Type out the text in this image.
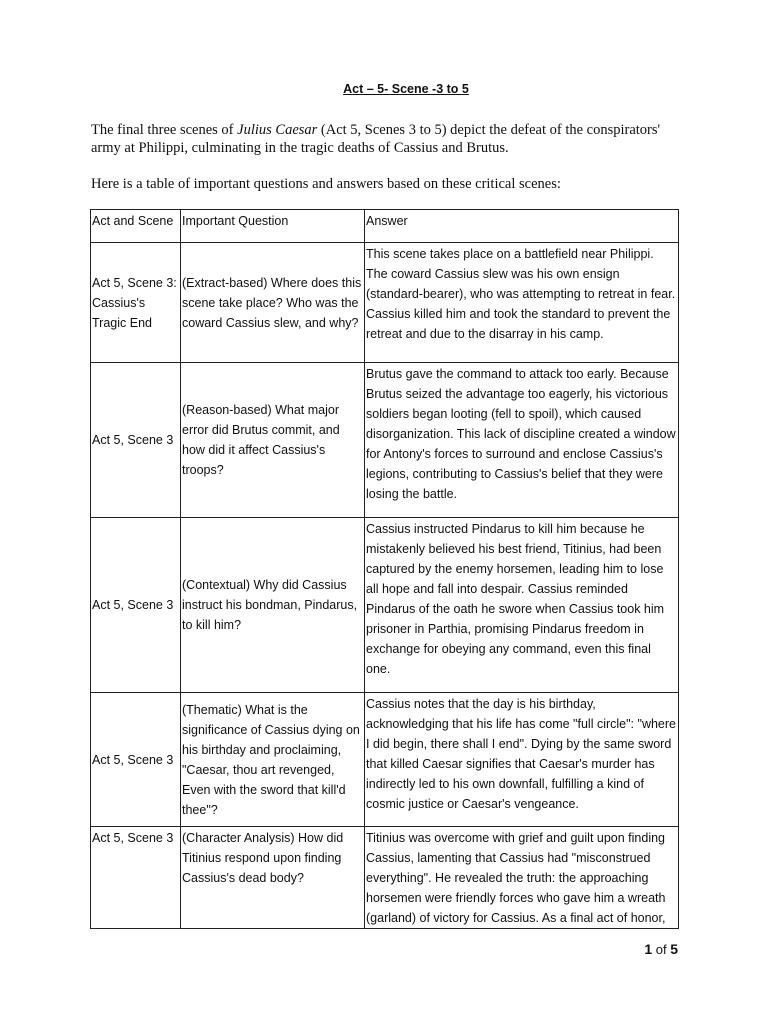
Act – 5- Scene -3 to 5

The final three scenes of Julius Caesar (Act 5, Scenes 3 to 5) depict the defeat of the conspirators' army at Philippi, culminating in the tragic deaths of Cassius and Brutus.

Here is a table of important questions and answers based on these critical scenes:

Act and Scene	Important Question	Answer
Act 5, Scene 3: Cassius's Tragic End	(Extract-based) Where does this scene take place? Who was the coward Cassius slew, and why?	This scene takes place on a battlefield near Philippi. The coward Cassius slew was his own ensign (standard-bearer), who was attempting to retreat in fear. Cassius killed him and took the standard to prevent the retreat and due to the disarray in his camp.
Act 5, Scene 3	(Reason-based) What major error did Brutus commit, and how did it affect Cassius's troops?	Brutus gave the command to attack too early. Because Brutus seized the advantage too eagerly, his victorious soldiers began looting (fell to spoil), which caused disorganization. This lack of discipline created a window for Antony's forces to surround and enclose Cassius's legions, contributing to Cassius's belief that they were losing the battle.
Act 5, Scene 3	(Contextual) Why did Cassius instruct his bondman, Pindarus, to kill him?	Cassius instructed Pindarus to kill him because he mistakenly believed his best friend, Titinius, had been captured by the enemy horsemen, leading him to lose all hope and fall into despair. Cassius reminded Pindarus of the oath he swore when Cassius took him prisoner in Parthia, promising Pindarus freedom in exchange for obeying any command, even this final one.
Act 5, Scene 3	(Thematic) What is the significance of Cassius dying on his birthday and proclaiming, "Caesar, thou art revenged, Even with the sword that kill'd thee"?	Cassius notes that the day is his birthday, acknowledging that his life has come "full circle": "where I did begin, there shall I end". Dying by the same sword that killed Caesar signifies that Caesar's murder has indirectly led to his own downfall, fulfilling a kind of cosmic justice or Caesar's vengeance.
Act 5, Scene 3	(Character Analysis) How did Titinius respond upon finding Cassius's dead body?	Titinius was overcome with grief and guilt upon finding Cassius, lamenting that Cassius had "misconstrued everything". He revealed the truth: the approaching horsemen were friendly forces who gave him a wreath (garland) of victory for Cassius. As a final act of honor,
1 of 5
